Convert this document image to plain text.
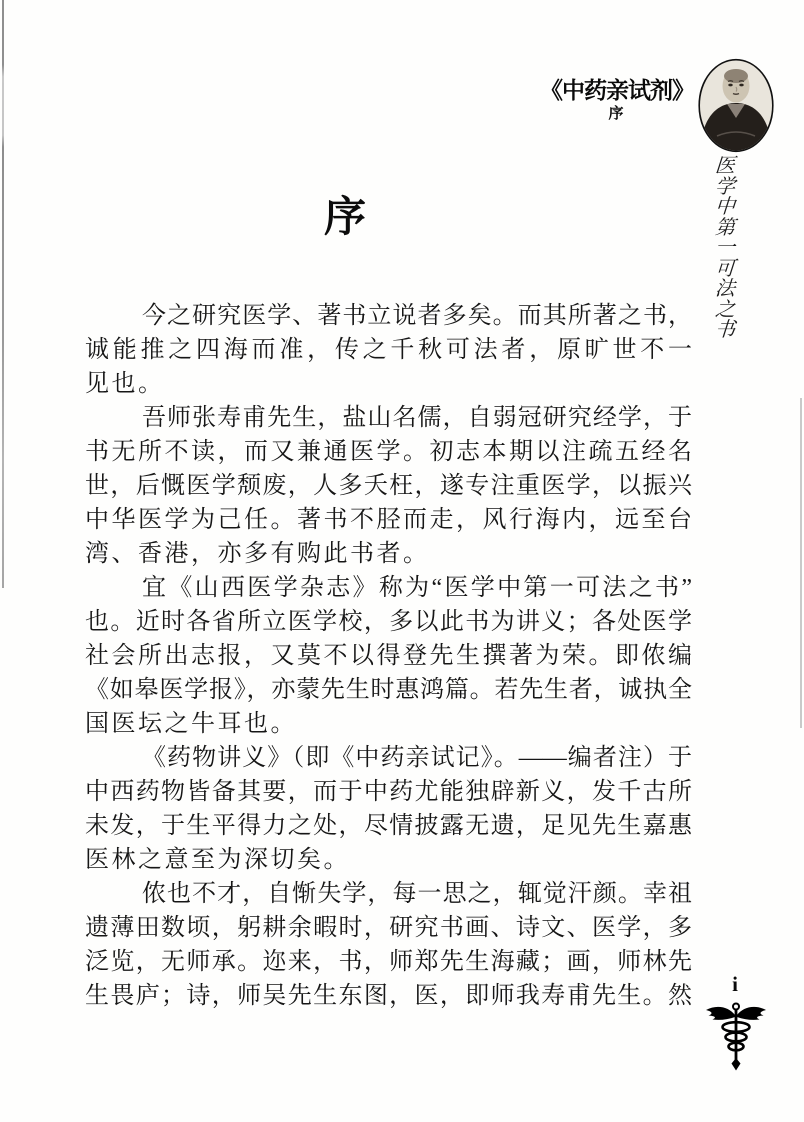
《中药亲试剂》
序
医
学
中
第
一
可
法
之
书
序
今之研究医学、著书立说者多矣。而其所著之书，
诚能推之四海而准，传之千秋可法者，原旷世不一
见也。
吾师张寿甫先生，盐山名儒，自弱冠研究经学，于
书无所不读，而又兼通医学。初志本期以注疏五经名
世，后慨医学颓废，人多夭枉，遂专注重医学，以振兴
中华医学为己任。著书不胫而走，风行海内，远至台
湾、香港，亦多有购此书者。
宜《山西医学杂志》称为“医学中第一可法之书”
也。近时各省所立医学校，多以此书为讲义；各处医学
社会所出志报，又莫不以得登先生撰著为荣。即侬编
《如皋医学报》，亦蒙先生时惠鸿篇。若先生者，诚执全
国医坛之牛耳也。
《药物讲义》（即《中药亲试记》。——编者注）于
中西药物皆备其要，而于中药尤能独辟新义，发千古所
未发，于生平得力之处，尽情披露无遗，足见先生嘉惠
医林之意至为深切矣。
侬也不才，自惭失学，每一思之，辄觉汗颜。幸祖
遗薄田数顷，躬耕余暇时，研究书画、诗文、医学，多
泛览，无师承。迩来，书，师郑先生海藏；画，师林先
生畏庐；诗，师吴先生东图，医，即师我寿甫先生。然	i
